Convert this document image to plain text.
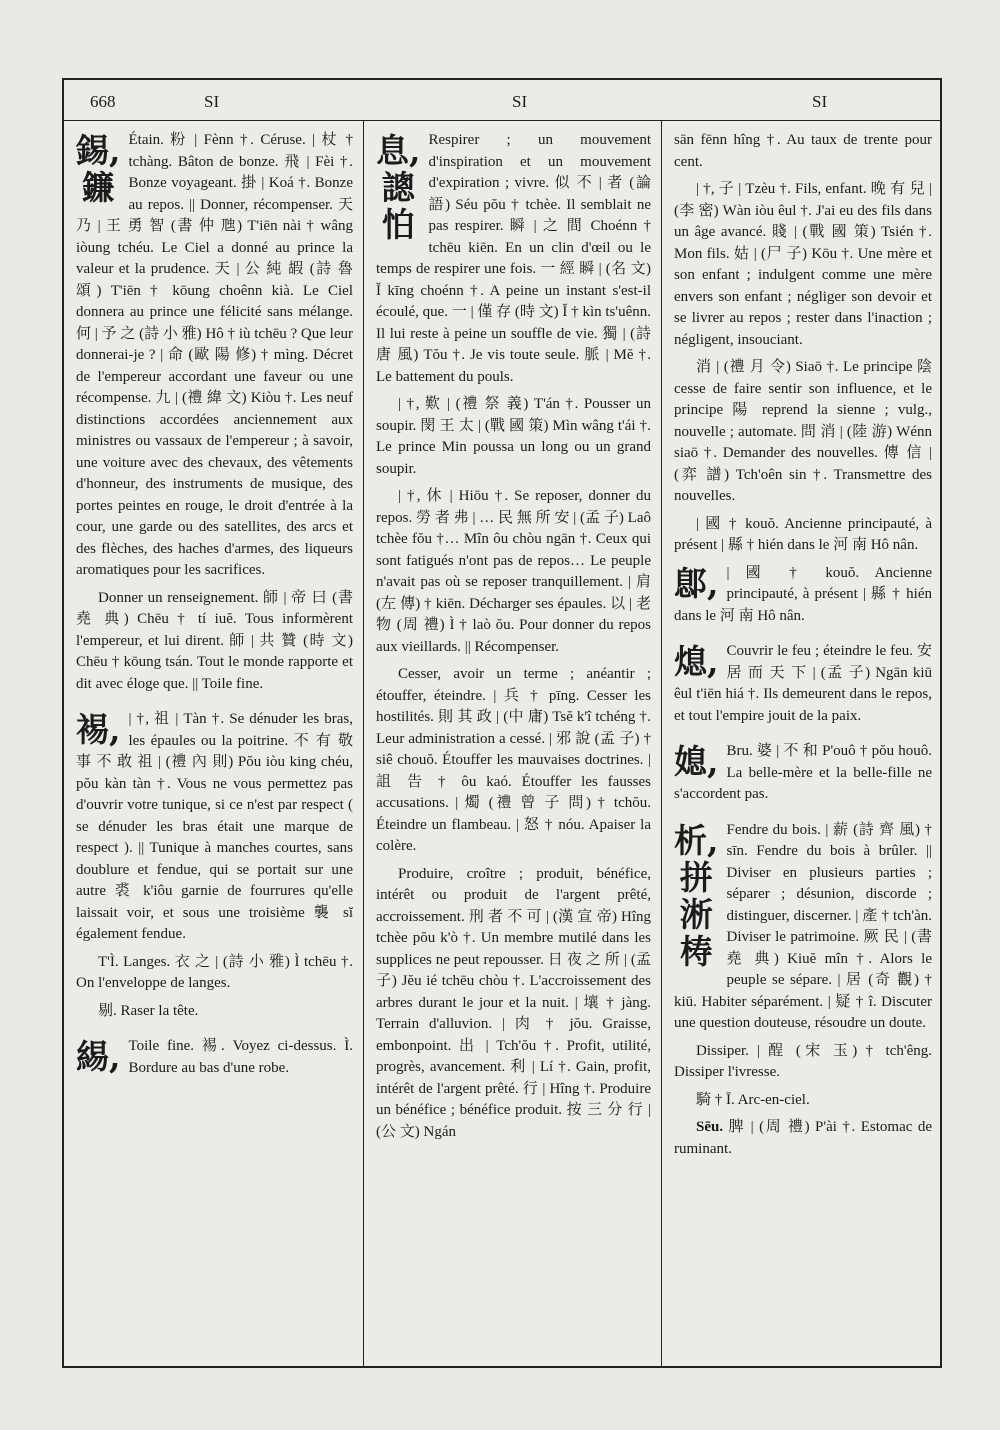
668	SI	SI	SI
錫,
鐮

Étain. 粉 | Fènn †. Céruse. | 杖 † tchàng. Bâton de bonze. 飛 | Fèi †. Bonze voyageant. 掛 | Koá †. Bonze au repos. || Donner, récompenser. 天 乃 | 王 勇 智 (書 仲 虺) T'iēn nài † wâng iòung tchéu. Le Ciel a donné au prince la valeur et la prudence. 天 | 公 純 嘏 (詩 魯 頌) T'iēn † kōung choênn kià. Le Ciel donnera au prince une félicité sans mélange. 何 | 予 之 (詩 小 雅) Hô † iù tchēu ? Que leur donnerai-je ? | 命 (歐 陽 修) † mìng. Décret de l'empereur accordant une faveur ou une récompense. 九 | (禮 緯 文) Kiòu †. Les neuf distinctions accordées anciennement aux ministres ou vassaux de l'empereur ; à savoir, une voiture avec des chevaux, des vêtements d'honneur, des instruments de musique, des portes peintes en rouge, le droit d'entrée à la cour, une garde ou des satellites, des arcs et des flèches, des haches d'armes, des liqueurs aromatiques pour les sacrifices.

Donner un renseignement. 師 | 帝 曰 (書 堯 典) Chēu † tí iuĕ. Tous informèrent l'empereur, et lui dirent. 師 | 共 贊 (時 文) Chēu † kōung tsán. Tout le monde rapporte et dit avec éloge que. || Toile fine.

裼, | †, 祖 | Tàn †. Se dénuder les bras, les épaules ou la poitrine. 不 有 敬 事 不 敢 祖 | (禮 內 則) Pŏu iòu king chéu, pŏu kàn tàn †. Vous ne vous permettez pas d'ouvrir votre tunique, si ce n'est par respect ( se dénuder les bras était une marque de respect ). || Tunique à manches courtes, sans doublure et fendue, qui se portait sur une autre 裘 k'iôu garnie de fourrures qu'elle laissait voir, et sous une troisième 襲 sĭ également fendue.

T'Ì. Langes. 衣 之 | (詩 小 雅) Ì tchēu †. On l'enveloppe de langes.

剔. Raser la tête.

緆, Toile fine. 裼. Voyez ci-dessus. Ì. Bordure au bas d'une robe.

息,
謥
怕

Respirer ; un mouvement d'inspiration et un mouvement d'expiration ; vivre. 似 不 | 者 (論 語) Séu pŏu † tchèe. Il semblait ne pas respirer. 瞬 | 之 間 Choénn † tchēu kiēn. En un clin d'œil ou le temps de respirer une fois. 一 經 瞬 | (名 文) Ĭ kīng choénn †. A peine un instant s'est-il écoulé, que. 一 | 僅 存 (時 文) Ĭ † kìn ts'uênn. Il lui reste à peine un souffle de vie. 獨 | (詩 唐 風) Tŏu †. Je vis toute seule. 脈 | Mĕ †. Le battement du pouls.

| †, 歎 | (禮 祭 義) T'án †. Pousser un soupir. 閔 王 太 | (戰 國 策) Mìn wâng t'ái †. Le prince Min poussa un long ou un grand soupir.

| †, 休 | Hiōu †. Se reposer, donner du repos. 勞 者 弗 | … 民 無 所 安 | (孟 子) Laô tchèe fŏu †… Mîn ôu chòu ngān †. Ceux qui sont fatigués n'ont pas de repos… Le peuple n'avait pas où se reposer tranquillement. | 肩 (左 傳) † kiēn. Décharger ses épaules. 以 | 老 物 (周 禮) Ì † laò ŏu. Pour donner du repos aux vieillards. || Récompenser.

Cesser, avoir un terme ; anéantir ; étouffer, éteindre. | 兵 † pīng. Cesser les hostilités. 則 其 政 | (中 庸) Tsĕ k'î tchéng †. Leur administration a cessé. | 邪 說 (孟 子) † siê chouŏ. Étouffer les mauvaises doctrines. | 詛 告 † ôu kaó. Étouffer les fausses accusations. | 燭 (禮 曾 子 問) † tchŏu. Éteindre un flambeau. | 怒 † nóu. Apaiser la colère.

Produire, croître ; produit, bénéfice, intérêt ou produit de l'argent prêté, accroissement. 刑 者 不 可 | (漢 宣 帝) Hîng tchèe pŏu k'ò †. Un membre mutilé dans les supplices ne peut repousser. 日 夜 之 所 | (孟 子) Jĕu ié tchēu chòu †. L'accroissement des arbres durant le jour et la nuit. | 壤 † jàng. Terrain d'alluvion. | 肉 † jŏu. Graisse, embonpoint. 出 | Tch'ŏu †. Profit, utilité, progrès, avancement. 利 | Lí †. Gain, profit, intérêt de l'argent prêté. 行 | Hîng †. Produire un bénéfice ; bénéfice produit. 按 三 分 行 | (公 文) Ngán

sān fēnn hîng †. Au taux de trente pour cent.

| †, 子 | Tzèu †. Fils, enfant. 晚 有 兒 | (李 密) Wàn iòu êul †. J'ai eu des fils dans un âge avancé. 賤 | (戰 國 策) Tsién †. Mon fils. 姑 | (尸 子) Kōu †. Une mère et son enfant ; indulgent comme une mère envers son enfant ; négliger son devoir et se livrer au repos ; rester dans l'inaction ; négligent, insouciant.

消 | (禮 月 令) Siaō †. Le principe 陰 cesse de faire sentir son influence, et le principe 陽 reprend la sienne ; vulg., nouvelle ; automate. 問 消 | (陸 游) Wénn siaō †. Demander des nouvelles. 傳 信 | (弈 譜) Tch'oên sin †. Transmettre des nouvelles.

| 國 † kouŏ. Ancienne principauté, à présent | 縣 † hién dans le 河 南 Hô nân.

鄎, | 國 † kouŏ. Ancienne principauté, à présent | 縣 † hién dans le 河 南 Hô nân.

熄, Couvrir le feu ; éteindre le feu. 安 居 而 天 下 | (孟 子) Ngān kiū êul t'iēn hiá †. Ils demeurent dans le repos, et tout l'empire jouit de la paix.

媳, Bru. 婆 | 不 和 P'ouô † pŏu houô. La belle-mère et la belle-fille ne s'accordent pas.

析,
拼
淅
梼

Fendre du bois. | 薪 (詩 齊 風) † sīn. Fendre du bois à brûler. || Diviser en plusieurs parties ; séparer ; désunion, discorde ; distinguer, discerner. | 產 † tch'àn. Diviser le patrimoine. 厥 民 | (書 堯 典) Kiuĕ mîn †. Alors le peuple se sépare. | 居 (奇 觀) † kiū. Habiter séparément. | 疑 † î. Discuter une question douteuse, résoudre un doute.

Dissiper. | 酲 (宋 玉) † tch'êng. Dissiper l'ivresse.

騎 † Ī. Arc-en-ciel.

Sēu. 脾 | (周 禮) P'ài †. Estomac de ruminant.
